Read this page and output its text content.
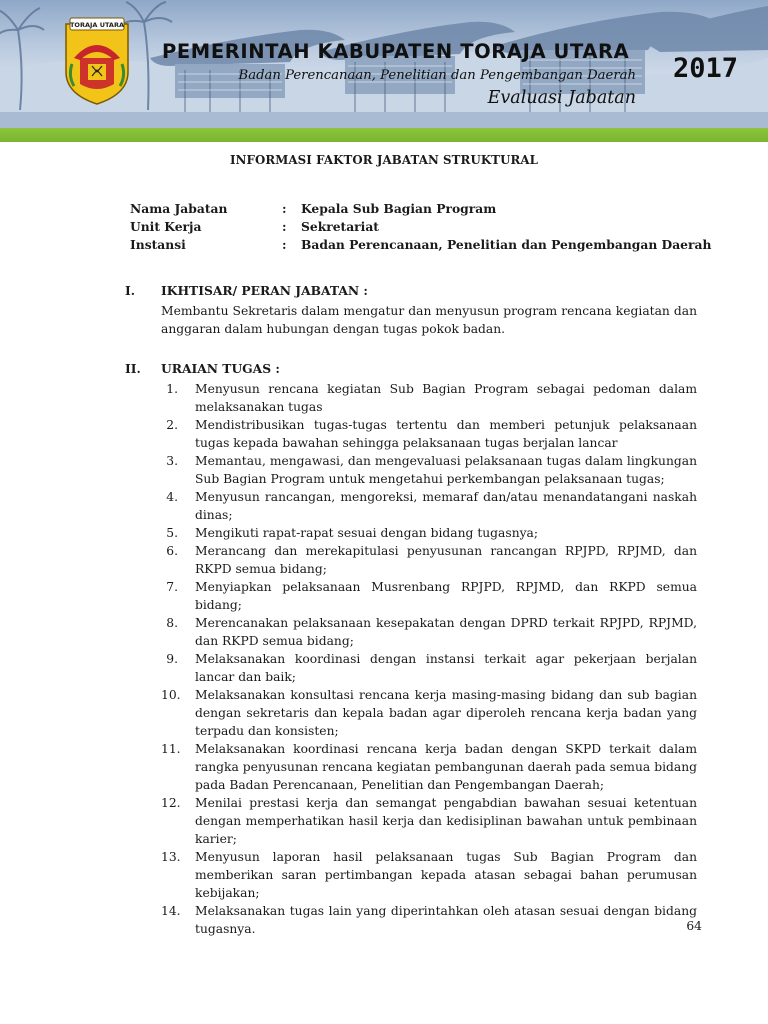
TORAJA UTARA
PEMERINTAH KABUPATEN TORAJA UTARA
Badan Perencanaan, Penelitian dan Pengembangan Daerah
Evaluasi Jabatan
2017
INFORMASI FAKTOR JABATAN STRUKTURAL
Nama Jabatan	: Kepala Sub Bagian Program
Unit Kerja	: Sekretariat
Instansi	: Badan Perencanaan, Penelitian dan Pengembangan Daerah
I. IKHTISAR/ PERAN JABATAN :
Membantu Sekretaris dalam mengatur dan menyusun program rencana kegiatan dan anggaran dalam hubungan dengan tugas pokok badan.
II. URAIAN TUGAS :
1. Menyusun rencana kegiatan Sub Bagian Program sebagai pedoman dalam melaksanakan tugas
2. Mendistribusikan tugas-tugas tertentu dan memberi petunjuk pelaksanaan tugas kepada bawahan sehingga pelaksanaan tugas berjalan lancar
3. Memantau, mengawasi, dan mengevaluasi pelaksanaan tugas dalam lingkungan Sub Bagian Program untuk mengetahui perkembangan pelaksanaan tugas;
4. Menyusun rancangan, mengoreksi, memaraf dan/atau menandatangani naskah dinas;
5. Mengikuti rapat-rapat sesuai dengan bidang tugasnya;
6. Merancang dan merekapitulasi penyusunan rancangan RPJPD, RPJMD, dan RKPD semua bidang;
7. Menyiapkan pelaksanaan Musrenbang RPJPD, RPJMD, dan RKPD semua bidang;
8. Merencanakan pelaksanaan kesepakatan dengan DPRD terkait RPJPD, RPJMD, dan RKPD semua bidang;
9. Melaksanakan koordinasi dengan instansi terkait agar pekerjaan berjalan lancar dan baik;
10. Melaksanakan konsultasi rencana kerja masing-masing bidang dan sub bagian dengan sekretaris dan kepala badan agar diperoleh rencana kerja badan yang terpadu dan konsisten;
11. Melaksanakan koordinasi rencana kerja badan dengan SKPD terkait dalam rangka penyusunan rencana kegiatan pembangunan daerah pada semua bidang pada Badan Perencanaan, Penelitian dan Pengembangan Daerah;
12. Menilai prestasi kerja dan semangat pengabdian bawahan sesuai ketentuan dengan memperhatikan hasil kerja dan kedisiplinan bawahan untuk pembinaan karier;
13. Menyusun laporan hasil pelaksanaan tugas Sub Bagian Program dan memberikan saran pertimbangan kepada atasan sebagai bahan perumusan kebijakan;
14. Melaksanakan tugas lain yang diperintahkan oleh atasan sesuai dengan bidang tugasnya.	64
